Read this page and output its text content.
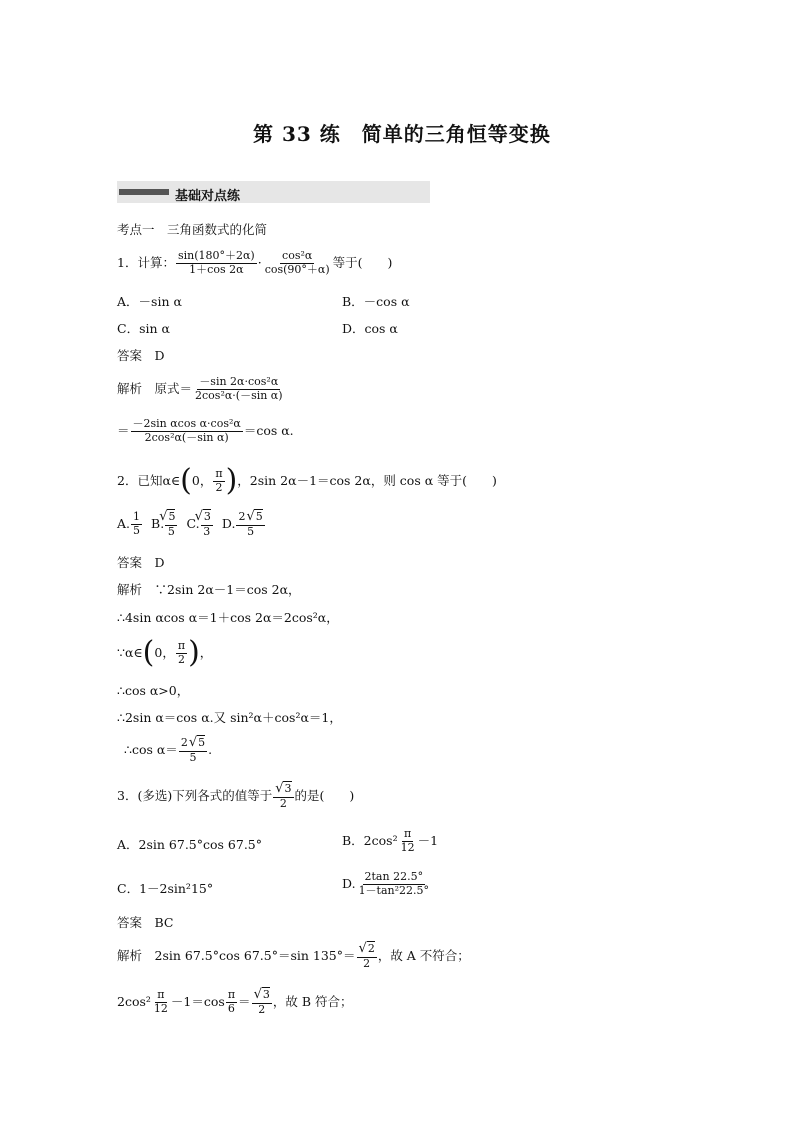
第 33 练　简单的三角恒等变换
基础对点练
考点一　三角函数式的化简
1．计算： $\frac{\sin(180^\circ+2\alpha)}{1+\cos 2\alpha} \cdot \frac{\text{cos²α}}{\cos(90^\circ+\alpha)}$ 等于(　　)
A．－sin α	B．－cos α
C．sin α	D．cos α
答案　D
解析　原式＝ $\frac{\text{－sin 2α·cos²α}}{\text{2cos²α·(－sin α)}}$
＝ $\frac{\text{－2sin αcos α·cos²α}}{\text{2cos²α(－sin α)}} =\cos$ α.
2．已知α∈ ( 0， $\frac{\pi}{2}$ ) ，2sin 2α－1＝cos 2α，则 cos α 等于(　　)
A. $\frac{1}{5} B$. √ $\frac{5}{5} C$. √ $\frac{3}{3} D$. $\frac{2 √ 5}{5}$
答案　D
解析　∵2sin 2α－1＝cos 2α，
∴4sin αcos α＝1＋cos 2α＝2cos²α，
∵α∈ ( 0， $\frac{\pi}{2}$ ) ，
∴cos α>0，
∴2sin α＝cos α.又 sin²α＋cos²α＝1，
∴cos $\alpha= \frac{2 √ 5}{5}$ .
3．(多选)下列各式的值等于 √ $\frac{3}{2}$ 的是(　　)
A．2sin 67.5°cos 67.5°	B．$2\cos^2 \frac{\pi}{12} -1$
C．1－2sin²15°	D. $\frac{2\tan 22.5^\circ}{\text{1－tan²22.5°}}$
答案　BC
解析　2sin 67.5°cos 67.5°＝sin 135°＝ √ $\frac{2}{2}$ ，故 A 不符合；
$2\cos^2 \frac{\pi}{12} -1=\cos \frac{\pi}{6}$ ＝ √ $\frac{3}{2}$ ，故 B 符合；
